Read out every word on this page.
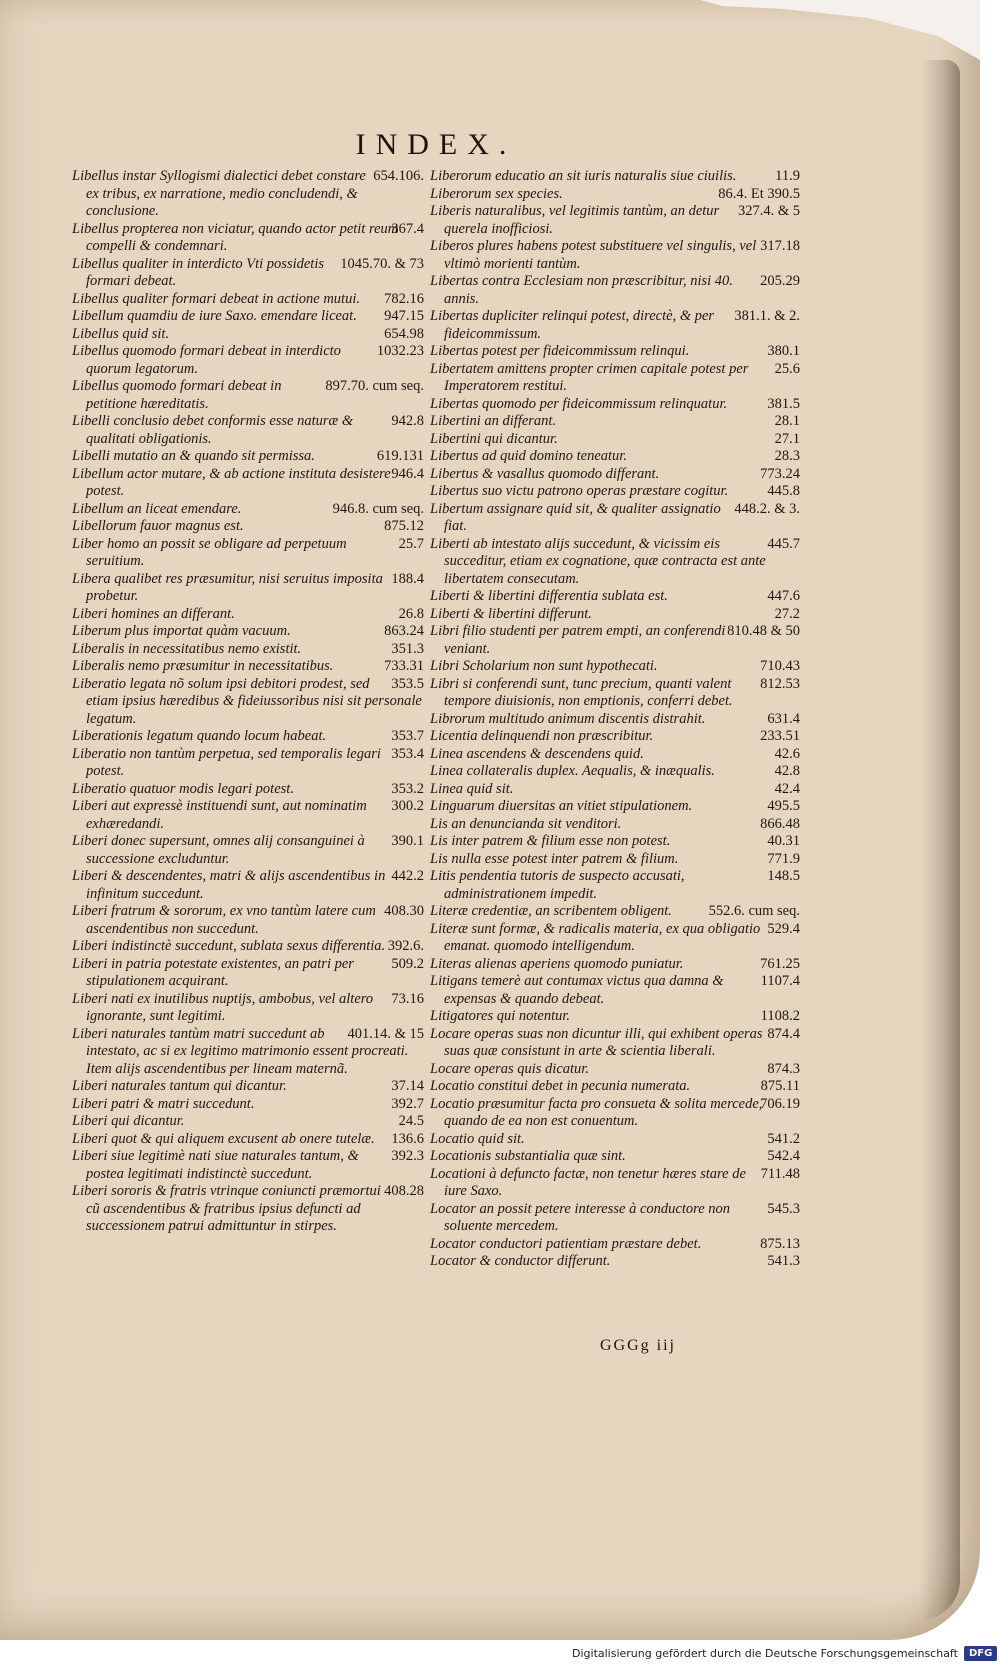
INDEX.

654.106.
Libellus instar Syllogismi dialectici debet constare ex tribus, ex narratione, medio concludendi, & conclusione.

367.4
Libellus propterea non viciatur, quando actor petit reum compelli & condemnari.

1045.70. & 73
Libellus qualiter in interdicto Vti possidetis formari debeat.

782.16
Libellus qualiter formari debeat in actione mutui.

947.15
Libellum quamdiu de iure Saxo. emendare liceat.

654.98
Libellus quid sit.

1032.23
Libellus quomodo formari debeat in interdicto quorum legatorum.

897.70. cum seq.
Libellus quomodo formari debeat in petitione hæreditatis.

942.8
Libelli conclusio debet conformis esse naturæ & qualitati obligationis.

619.131
Libelli mutatio an & quando sit permissa.

946.4
Libellum actor mutare, & ab actione instituta desistere potest.

946.8. cum seq.
Libellum an liceat emendare.

875.12
Libellorum fauor magnus est.

25.7
Liber homo an possit se obligare ad perpetuum seruitium.

188.4
Libera qualibet res præsumitur, nisi seruitus imposita probetur.

26.8
Liberi homines an differant.

863.24
Liberum plus importat quàm vacuum.

351.3
Liberalis in necessitatibus nemo existit.

733.31
Liberalis nemo præsumitur in necessitatibus.

353.5
Liberatio legata nõ solum ipsi debitori prodest, sed etiam ipsius hæredibus & fideiussoribus nisi sit personale legatum.

353.7
Liberationis legatum quando locum habeat.

353.4
Liberatio non tantùm perpetua, sed temporalis legari potest.

353.2
Liberatio quatuor modis legari potest.

300.2
Liberi aut expressè instituendi sunt, aut nominatim exhæredandi.

390.1
Liberi donec supersunt, omnes alij consanguinei à successione excluduntur.

442.2
Liberi & descendentes, matri & alijs ascendentibus in infinitum succedunt.

408.30
Liberi fratrum & sororum, ex vno tantùm latere cum ascendentibus non succedunt.

392.6.
Liberi indistinctè succedunt, sublata sexus differentia.

509.2
Liberi in patria potestate existentes, an patri per stipulationem acquirant.

73.16
Liberi nati ex inutilibus nuptijs, ambobus, vel altero ignorante, sunt legitimi.

401.14. & 15
Liberi naturales tantùm matri succedunt ab intestato, ac si ex legitimo matrimonio essent procreati. Item alijs ascendentibus per lineam maternã.

37.14
Liberi naturales tantum qui dicantur.

392.7
Liberi patri & matri succedunt.

24.5
Liberi qui dicantur.

136.6
Liberi quot & qui aliquem excusent ab onere tutelæ.

392.3
Liberi siue legitimè nati siue naturales tantum, & postea legitimati indistinctè succedunt.

408.28
Liberi sororis & fratris vtrinque coniuncti præmortui cũ ascendentibus & fratribus ipsius defuncti ad successionem patrui admittuntur in stirpes.

11.9
Liberorum educatio an sit iuris naturalis siue ciuilis.

86.4. Et 390.5
Liberorum sex species.

327.4. & 5
Liberis naturalibus, vel legitimis tantùm, an detur querela inofficiosi.

317.18
Liberos plures habens potest substituere vel singulis, vel vltimò morienti tantùm.

205.29
Libertas contra Ecclesiam non præscribitur, nisi 40. annis.

381.1. & 2.
Libertas dupliciter relinqui potest, directè, & per fideicommissum.

380.1
Libertas potest per fideicommissum relinqui.

25.6
Libertatem amittens propter crimen capitale potest per Imperatorem restitui.

381.5
Libertas quomodo per fideicommissum relinquatur.

28.1
Libertini an differant.

27.1
Libertini qui dicantur.

28.3
Libertus ad quid domino teneatur.

773.24
Libertus & vasallus quomodo differant.

445.8
Libertus suo victu patrono operas præstare cogitur.

448.2. & 3.
Libertum assignare quid sit, & qualiter assignatio fiat.

445.7
Liberti ab intestato alijs succedunt, & vicissim eis succeditur, etiam ex cognatione, quæ contracta est ante libertatem consecutam.

447.6
Liberti & libertini differentia sublata est.

27.2
Liberti & libertini differunt.

810.48 & 50
Libri filio studenti per patrem empti, an conferendi veniant.

710.43
Libri Scholarium non sunt hypothecati.

812.53
Libri si conferendi sunt, tunc precium, quanti valent tempore diuisionis, non emptionis, conferri debet.

631.4
Librorum multitudo animum discentis distrahit.

233.51
Licentia delinquendi non præscribitur.

42.6
Linea ascendens & descendens quid.

42.8
Linea collateralis duplex. Aequalis, & inæqualis.

42.4
Linea quid sit.

495.5
Linguarum diuersitas an vitiet stipulationem.

866.48
Lis an denuncianda sit venditori.

40.31
Lis inter patrem & filium esse non potest.

771.9
Lis nulla esse potest inter patrem & filium.

148.5
Litis pendentia tutoris de suspecto accusati, administrationem impedit.

552.6. cum seq.
Literæ credentiæ, an scribentem obligent.

529.4
Literæ sunt formæ, & radicalis materia, ex qua obligatio emanat. quomodo intelligendum.

761.25
Literas alienas aperiens quomodo puniatur.

1107.4
Litigans temerè aut contumax victus qua damna & expensas & quando debeat.

1108.2
Litigatores qui notentur.

874.4
Locare operas suas non dicuntur illi, qui exhibent operas suas quæ consistunt in arte & scientia liberali.

874.3
Locare operas quis dicatur.

875.11
Locatio constitui debet in pecunia numerata.

706.19
Locatio præsumitur facta pro consueta & solita mercede, quando de ea non est conuentum.

541.2
Locatio quid sit.

542.4
Locationis substantialia quæ sint.

711.48
Locationi à defuncto factæ, non tenetur hæres stare de iure Saxo.

545.3
Locator an possit petere interesse à conductore non soluente mercedem.

875.13
Locator conductori patientiam præstare debet.

541.3
Locator & conductor differunt.

GGGg iij
Digitalisierung gefördert durch die Deutsche Forschungsgemeinschaft	DFG
